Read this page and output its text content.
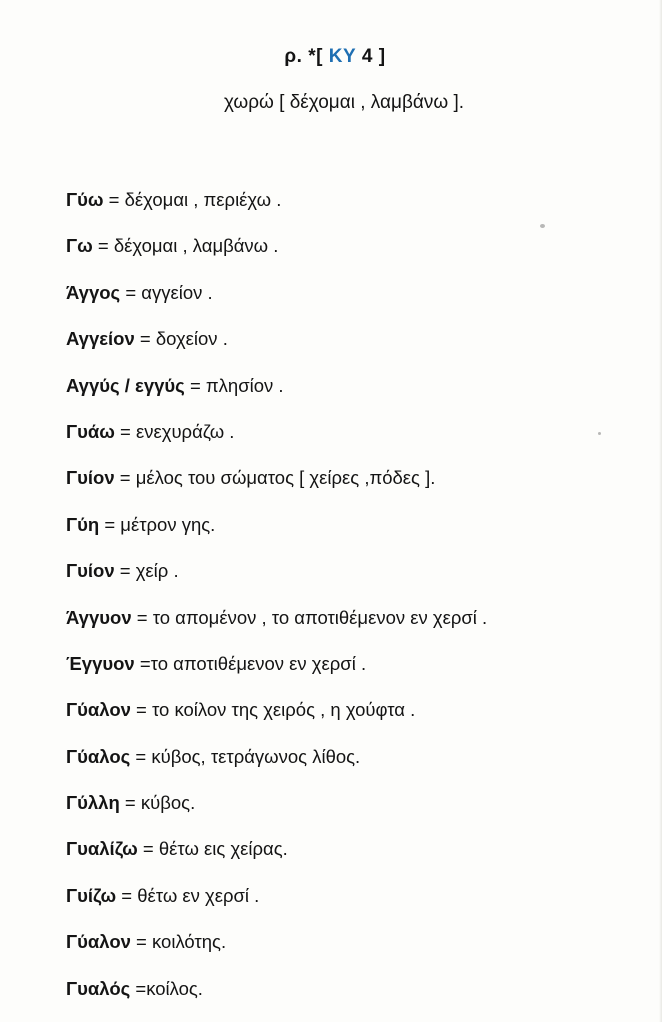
ρ. *[ ΚΥ 4 ]
χωρώ [ δέχομαι , λαμβάνω ].
Γύω = δέχομαι , περιέχω .
Γω = δέχομαι , λαμβάνω .
Άγγος = αγγείον .
Αγγείον = δοχείον .
Αγγύς / εγγύς = πλησίον .
Γυάω = ενεχυράζω .
Γυίον = μέλος του σώματος [ χείρες ,πόδες ].
Γύη = μέτρον γης.
Γυίον = χείρ .
Άγγυον = το απομένον , το αποτιθέμενον εν χερσί .
Έγγυον =το αποτιθέμενον εν χερσί .
Γύαλον = το κοίλον της χειρός , η χούφτα .
Γύαλος = κύβος, τετράγωνος λίθος.
Γύλλη = κύβος.
Γυαλίζω = θέτω εις χείρας.
Γυίζω = θέτω εν χερσί .
Γύαλον = κοιλότης.
Γυαλός =κοίλος.
